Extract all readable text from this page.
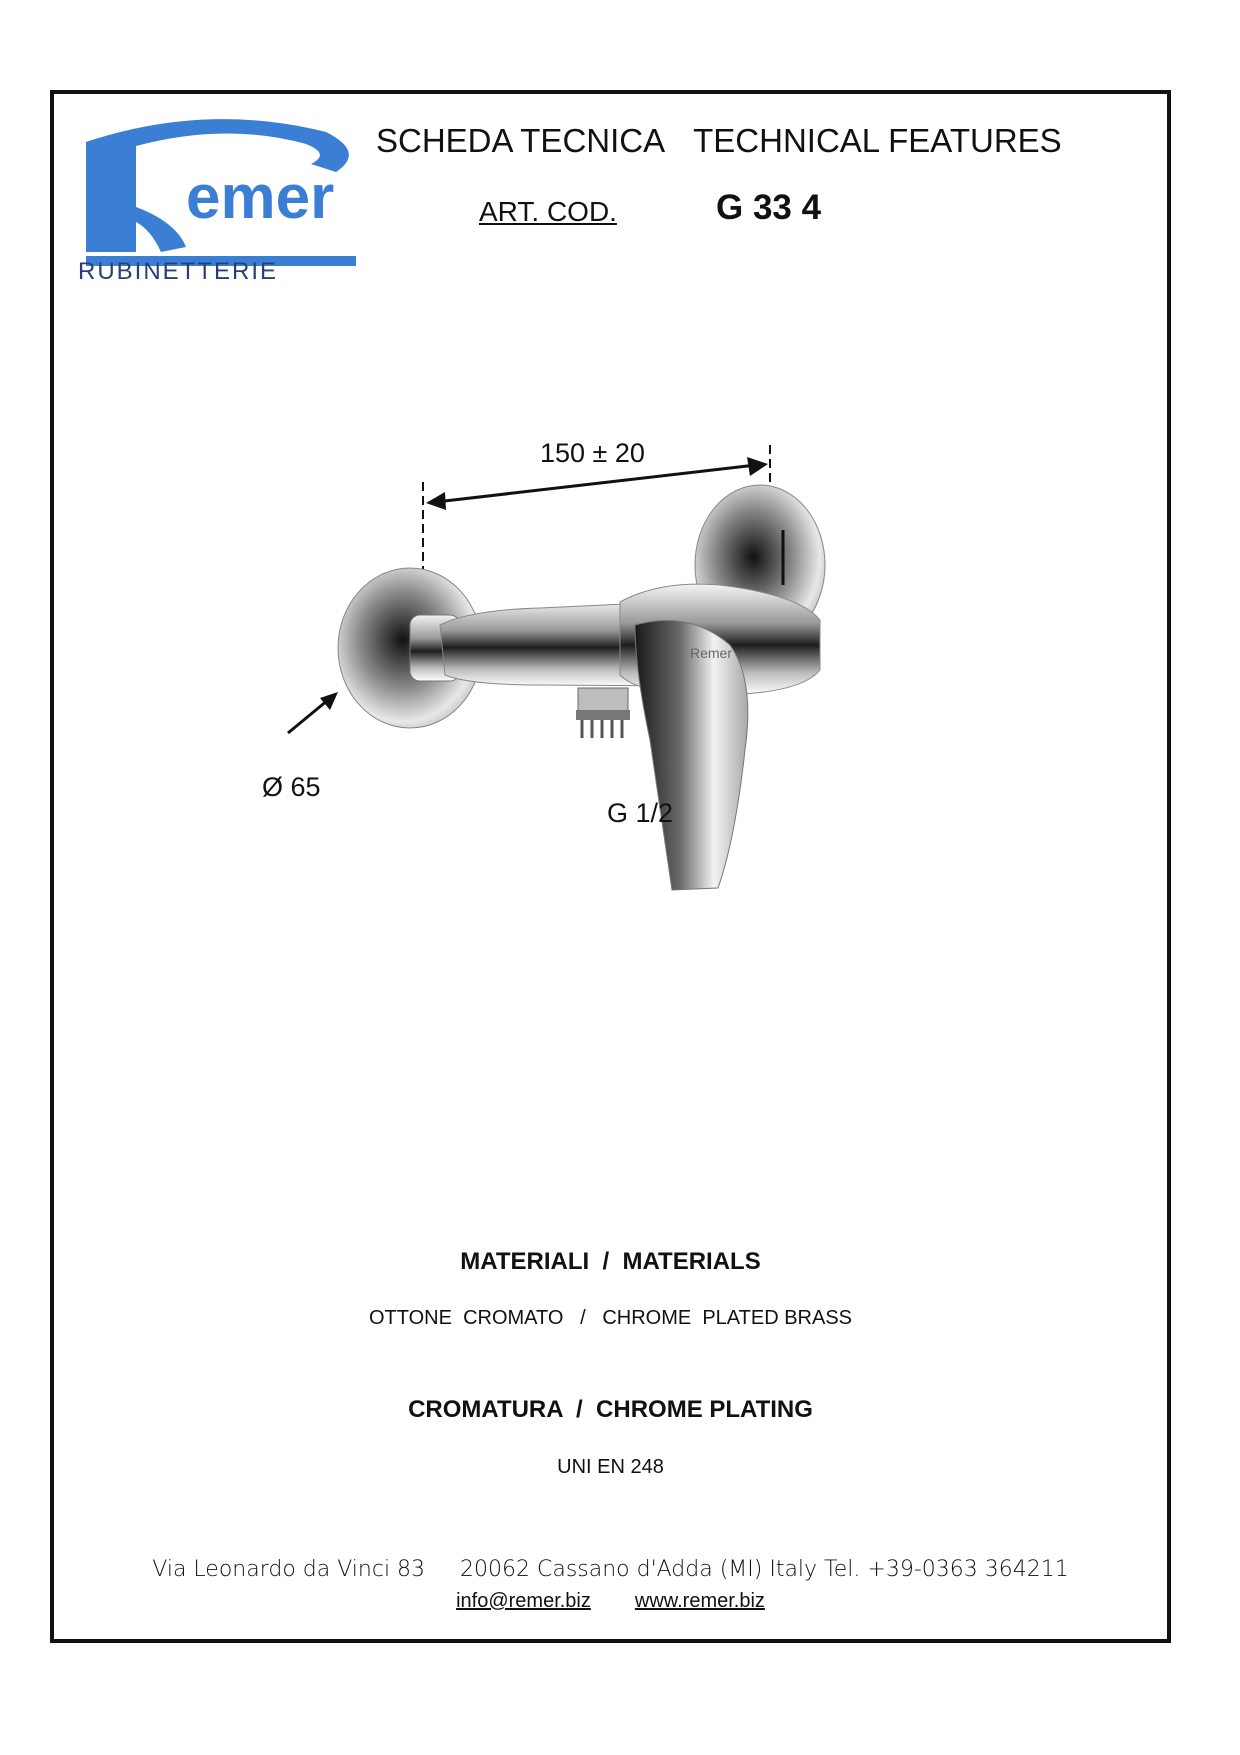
emer
RUBINETTERIE
SCHEDA TECNICA TECHNICAL FEATURES
ART. COD.	G 33 4
Remer
150 ± 20
Ø 65
G 1/2
MATERIALI  /  MATERIALS
OTTONE  CROMATO   /   CHROME  PLATED BRASS
CROMATURA  /  CHROME PLATING
UNI EN 248
Via Leonardo da Vinci 83     20062 Cassano d'Adda (MI) Italy Tel. +39-0363 364211
info@remer.biz www.remer.biz
